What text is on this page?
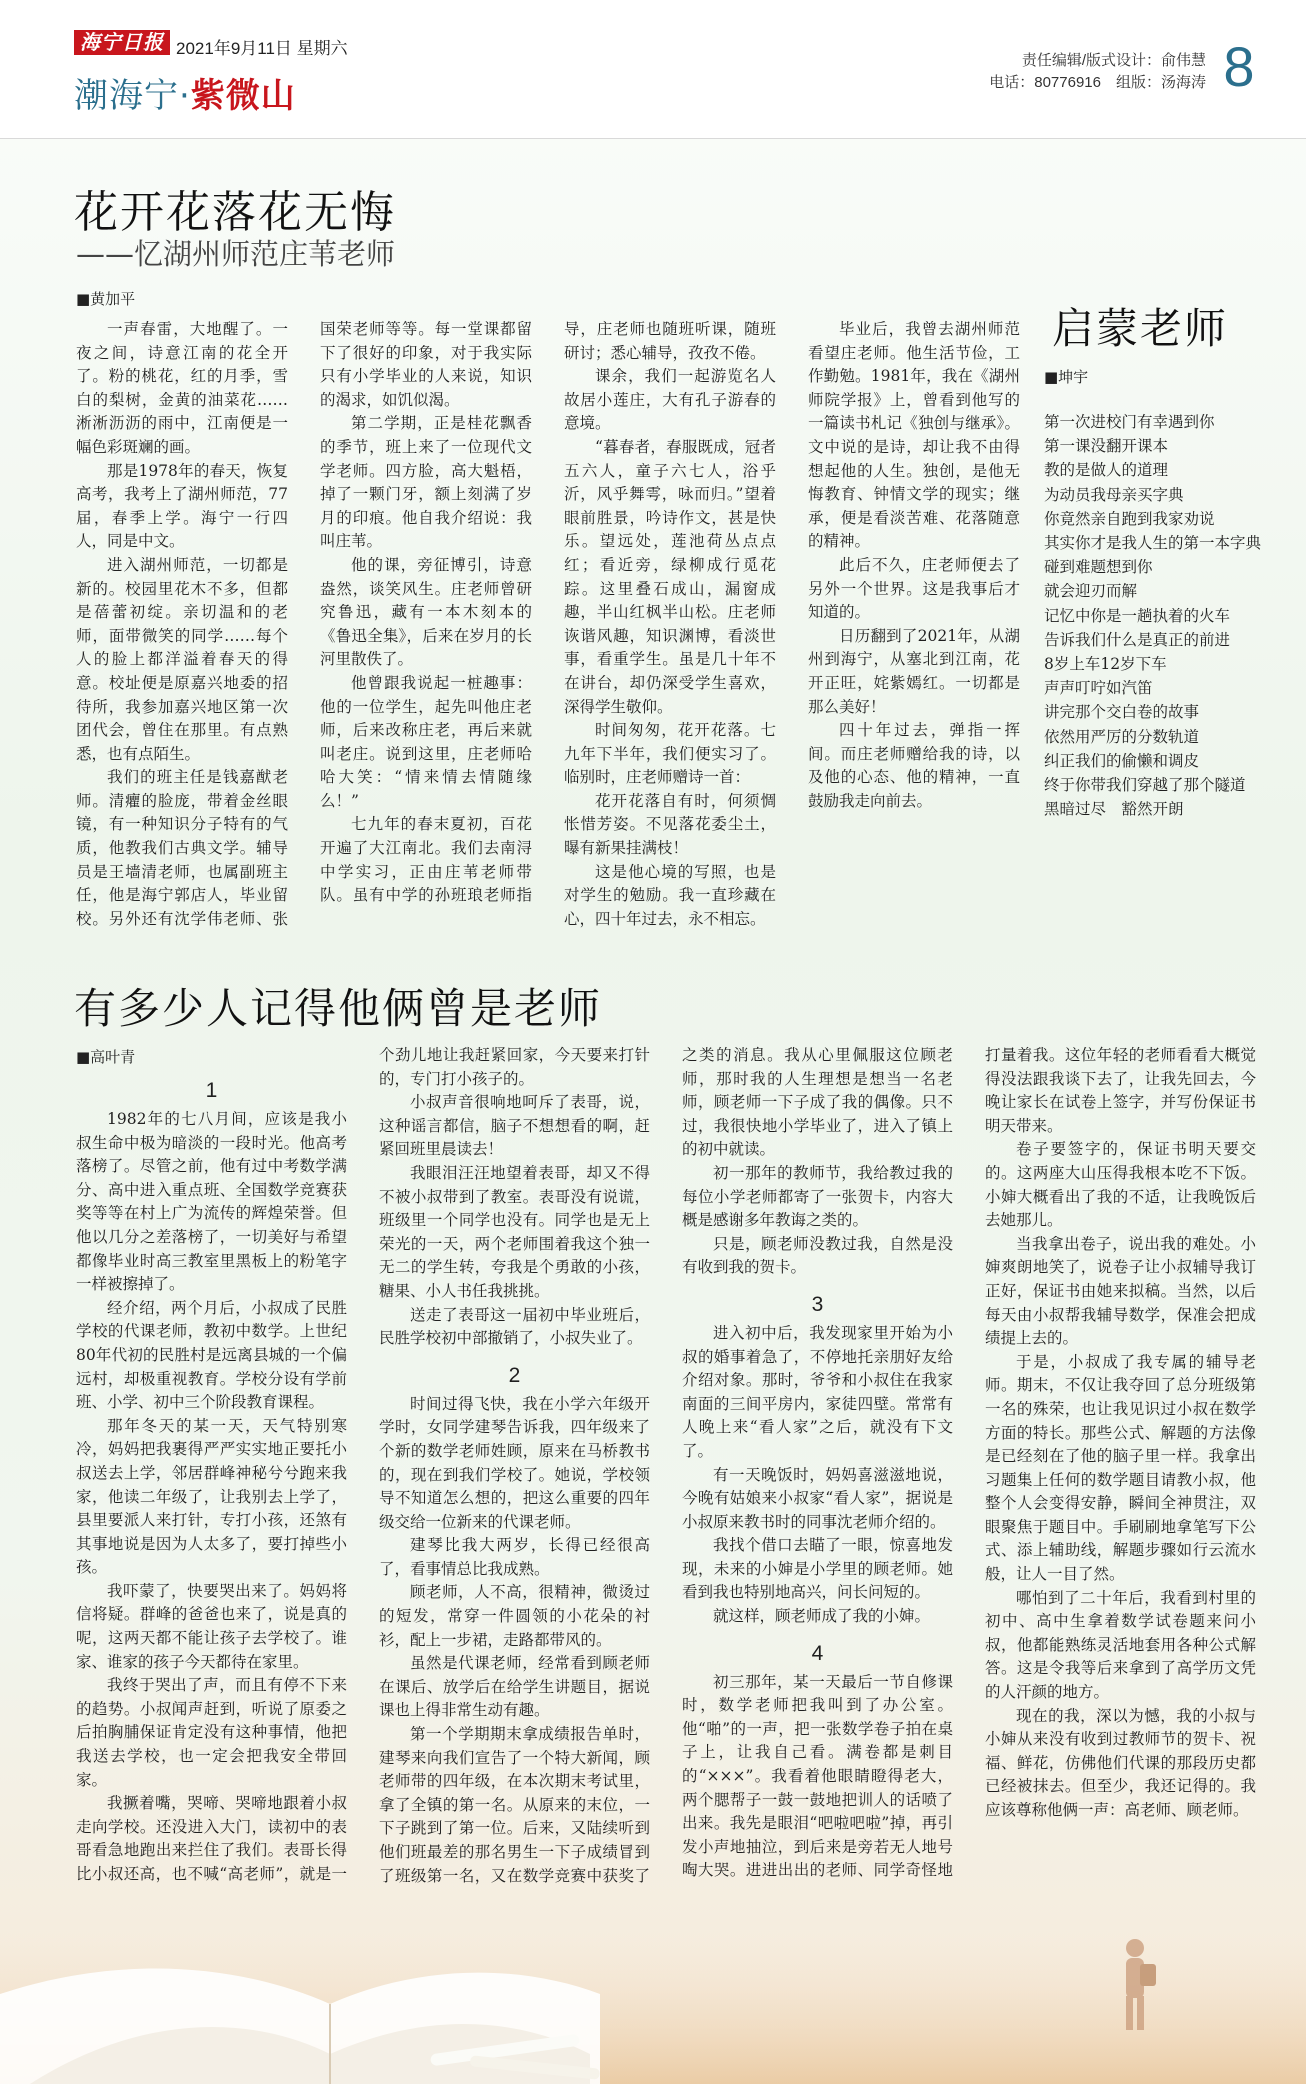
海宁日报 2021年9月11日 星期六
潮海宁·紫微山
责任编辑/版式设计：俞伟慧
电话：80776916　组版：汤海涛 8
花开花落花无悔
——忆湖州师范庄苇老师
■黄加平

一声春雷，大地醒了。一夜之间，诗意江南的花全开了。粉的桃花，红的月季，雪白的梨树，金黄的油菜花……淅淅沥沥的雨中，江南便是一幅色彩斑斓的画。

那是1978年的春天，恢复高考，我考上了湖州师范，77届，春季上学。海宁一行四人，同是中文。

进入湖州师范，一切都是新的。校园里花木不多，但都是蓓蕾初绽。亲切温和的老师，面带微笑的同学……每个人的脸上都洋溢着春天的得意。校址便是原嘉兴地委的招待所，我参加嘉兴地区第一次团代会，曾住在那里。有点熟悉，也有点陌生。

我们的班主任是钱嘉猷老师。清癯的脸庞，带着金丝眼镜，有一种知识分子特有的气质，他教我们古典文学。辅导员是王墙清老师，也属副班主任，他是海宁郭店人，毕业留校。另外还有沈学伟老师、张国荣老师等等。每一堂课都留下了很好的印象，对于我实际只有小学毕业的人来说，知识的渴求，如饥似渴。

第二学期，正是桂花飘香的季节，班上来了一位现代文学老师。四方脸，高大魁梧，掉了一颗门牙，额上刻满了岁月的印痕。他自我介绍说：我叫庄苇。

他的课，旁征博引，诗意盎然，谈笑风生。庄老师曾研究鲁迅，藏有一本木刻本的《鲁迅全集》，后来在岁月的长河里散佚了。

他曾跟我说起一桩趣事：他的一位学生，起先叫他庄老师，后来改称庄老，再后来就叫老庄。说到这里，庄老师哈哈大笑：“情来情去情随缘么！”

七九年的春末夏初，百花开遍了大江南北。我们去南浔中学实习，正由庄苇老师带队。虽有中学的孙班琅老师指导，庄老师也随班听课，随班研讨；悉心辅导，孜孜不倦。

课余，我们一起游览名人故居小莲庄，大有孔子游春的意境。

“暮春者，春服既成，冠者五六人，童子六七人，浴乎沂，风乎舞雩，咏而归。”望着眼前胜景，吟诗作文，甚是快乐。望远处，莲池荷丛点点红；看近旁，绿柳成行觅花踪。这里叠石成山，漏窗成趣，半山红枫半山松。庄老师诙谐风趣，知识渊博，看淡世事，看重学生。虽是几十年不在讲台，却仍深受学生喜欢，深得学生敬仰。

时间匆匆，花开花落。七九年下半年，我们便实习了。临别时，庄老师赠诗一首：

花开花落自有时，何须惆怅惜芳姿。不见落花委尘土，曝有新果挂满枝！

这是他心境的写照，也是对学生的勉励。我一直珍藏在心，四十年过去，永不相忘。

毕业后，我曾去湖州师范看望庄老师。他生活节俭，工作勤勉。1981年，我在《湖州师院学报》上，曾看到他写的一篇读书札记《独创与继承》。文中说的是诗，却让我不由得想起他的人生。独创，是他无悔教育、钟情文学的现实；继承，便是看淡苦难、花落随意的精神。

此后不久，庄老师便去了另外一个世界。这是我事后才知道的。

日历翻到了2021年，从湖州到海宁，从塞北到江南，花开正旺，姹紫嫣红。一切都是那么美好！

四十年过去，弹指一挥间。而庄老师赠给我的诗，以及他的心态、他的精神，一直鼓励我走向前去。

启蒙老师
■坤宇
第一次进校门有幸遇到你
第一课没翻开课本
教的是做人的道理
为动员我母亲买字典
你竟然亲自跑到我家劝说
其实你才是我人生的第一本字典
碰到难题想到你
就会迎刃而解
记忆中你是一趟执着的火车
告诉我们什么是真正的前进
8岁上车12岁下车
声声叮咛如汽笛
讲完那个交白卷的故事
依然用严厉的分数轨道
纠正我们的偷懒和调皮
终于你带我们穿越了那个隧道
黑暗过尽　豁然开朗
有多少人记得他俩曾是老师
■高叶青

1

1982年的七八月间，应该是我小叔生命中极为暗淡的一段时光。他高考落榜了。尽管之前，他有过中考数学满分、高中进入重点班、全国数学竞赛获奖等等在村上广为流传的辉煌荣誉。但他以几分之差落榜了，一切美好与希望都像毕业时高三教室里黑板上的粉笔字一样被擦掉了。

经介绍，两个月后，小叔成了民胜学校的代课老师，教初中数学。上世纪80年代初的民胜村是远离县城的一个偏远村，却极重视教育。学校分设有学前班、小学、初中三个阶段教育课程。

那年冬天的某一天，天气特别寒冷，妈妈把我裹得严严实实地正要托小叔送去上学，邻居群峰神秘兮兮跑来我家，他读二年级了，让我别去上学了，县里要派人来打针，专打小孩，还煞有其事地说是因为人太多了，要打掉些小孩。

我吓蒙了，快要哭出来了。妈妈将信将疑。群峰的爸爸也来了，说是真的呢，这两天都不能让孩子去学校了。谁家、谁家的孩子今天都待在家里。

我终于哭出了声，而且有停不下来的趋势。小叔闻声赶到，听说了原委之后拍胸脯保证肯定没有这种事情，他把我送去学校，也一定会把我安全带回家。

我撅着嘴，哭啼、哭啼地跟着小叔走向学校。还没进入大门，读初中的表哥看急地跑出来拦住了我们。表哥长得比小叔还高，也不喊“高老师”，就是一个劲儿地让我赶紧回家，今天要来打针的，专门打小孩子的。

小叔声音很响地呵斥了表哥，说，这种谣言都信，脑子不想想看的啊，赶紧回班里晨读去！

我眼泪汪汪地望着表哥，却又不得不被小叔带到了教室。表哥没有说谎，班级里一个同学也没有。同学也是无上荣光的一天，两个老师围着我这个独一无二的学生转，夸我是个勇敢的小孩，糖果、小人书任我挑挑。

送走了表哥这一届初中毕业班后，民胜学校初中部撤销了，小叔失业了。

2

时间过得飞快，我在小学六年级开学时，女同学建琴告诉我，四年级来了个新的数学老师姓顾，原来在马桥教书的，现在到我们学校了。她说，学校领导不知道怎么想的，把这么重要的四年级交给一位新来的代课老师。

建琴比我大两岁，长得已经很高了，看事情总比我成熟。

顾老师，人不高，很精神，微烫过的短发，常穿一件圆领的小花朵的衬衫，配上一步裙，走路都带风的。

虽然是代课老师，经常看到顾老师在课后、放学后在给学生讲题目，据说课也上得非常生动有趣。

第一个学期期末拿成绩报告单时，建琴来向我们宣告了一个特大新闻，顾老师带的四年级，在本次期末考试里，拿了全镇的第一名。从原来的末位，一下子跳到了第一位。后来，又陆续听到他们班最差的那名男生一下子成绩冒到了班级第一名，又在数学竞赛中获奖了之类的消息。我从心里佩服这位顾老师，那时我的人生理想是想当一名老师，顾老师一下子成了我的偶像。只不过，我很快地小学毕业了，进入了镇上的初中就读。

初一那年的教师节，我给教过我的每位小学老师都寄了一张贺卡，内容大概是感谢多年教诲之类的。

只是，顾老师没教过我，自然是没有收到我的贺卡。

3

进入初中后，我发现家里开始为小叔的婚事着急了，不停地托亲朋好友给介绍对象。那时，爷爷和小叔住在我家南面的三间平房内，家徒四壁。常常有人晚上来“看人家”之后，就没有下文了。

有一天晚饭时，妈妈喜滋滋地说，今晚有姑娘来小叔家“看人家”，据说是小叔原来教书时的同事沈老师介绍的。

我找个借口去瞄了一眼，惊喜地发现，未来的小婶是小学里的顾老师。她看到我也特别地高兴，问长问短的。

就这样，顾老师成了我的小婶。

4

初三那年，某一天最后一节自修课时，数学老师把我叫到了办公室。他“啪”的一声，把一张数学卷子拍在桌子上，让我自己看。满卷都是刺目的“×××”。我看着他眼睛瞪得老大，两个腮帮子一鼓一鼓地把训人的话喷了出来。我先是眼泪“吧啦吧啦”掉，再引发小声地抽泣，到后来是旁若无人地号啕大哭。进进出出的老师、同学奇怪地打量着我。这位年轻的老师看看大概觉得没法跟我谈下去了，让我先回去，今晚让家长在试卷上签字，并写份保证书明天带来。

卷子要签字的，保证书明天要交的。这两座大山压得我根本吃不下饭。小婶大概看出了我的不适，让我晚饭后去她那儿。

当我拿出卷子，说出我的难处。小婶爽朗地笑了，说卷子让小叔辅导我订正好，保证书由她来拟稿。当然，以后每天由小叔帮我辅导数学，保准会把成绩提上去的。

于是，小叔成了我专属的辅导老师。期末，不仅让我夺回了总分班级第一名的殊荣，也让我见识过小叔在数学方面的特长。那些公式、解题的方法像是已经刻在了他的脑子里一样。我拿出习题集上任何的数学题目请教小叔，他整个人会变得安静，瞬间全神贯注，双眼聚焦于题目中。手刷刷地拿笔写下公式、添上辅助线，解题步骤如行云流水般，让人一目了然。

哪怕到了二十年后，我看到村里的初中、高中生拿着数学试卷题来问小叔，他都能熟练灵活地套用各种公式解答。这是令我等后来拿到了高学历文凭的人汗颜的地方。

现在的我，深以为憾，我的小叔与小婶从来没有收到过教师节的贺卡、祝福、鲜花，仿佛他们代课的那段历史都已经被抹去。但至少，我还记得的。我应该尊称他俩一声：高老师、顾老师。
